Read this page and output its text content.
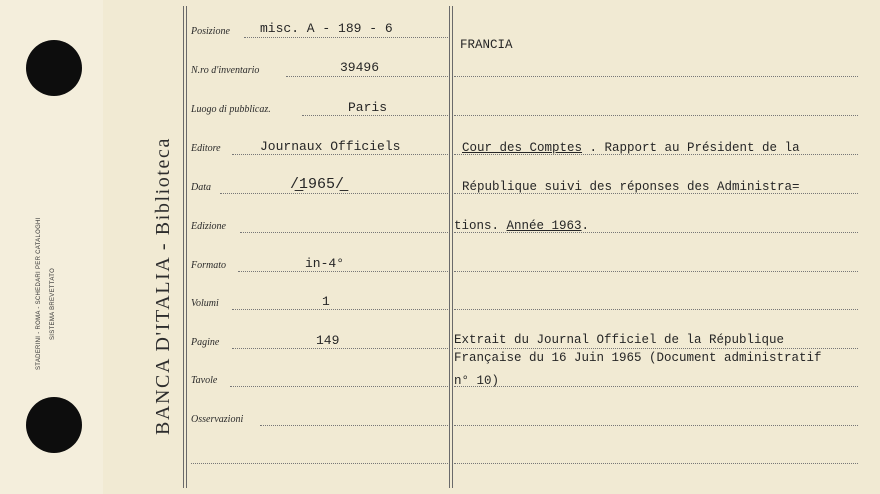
STADERINI - ROMA - SCHEDARI PER CATALOGHI SISTEMA BREVETTATO	BANCA D'ITALIA - Biblioteca
Posizione
N.ro d'inventario
Luogo di pubblicaz.
Editore
Data
Edizione
Formato
Volumi
Pagine
Tavole
Osservazioni
misc. A - 189 - 6
39496
Paris
Journaux Officiels
/̲1965/̲
in-4°
1
149
FRANCIA
Cour des Comptes . Rapport au Président de la
République suivi des réponses des Administra=
tions. Année 1963.
Extrait du Journal Officiel de la République
Française du 16 Juin 1965 (Document administratif
n° 10)
